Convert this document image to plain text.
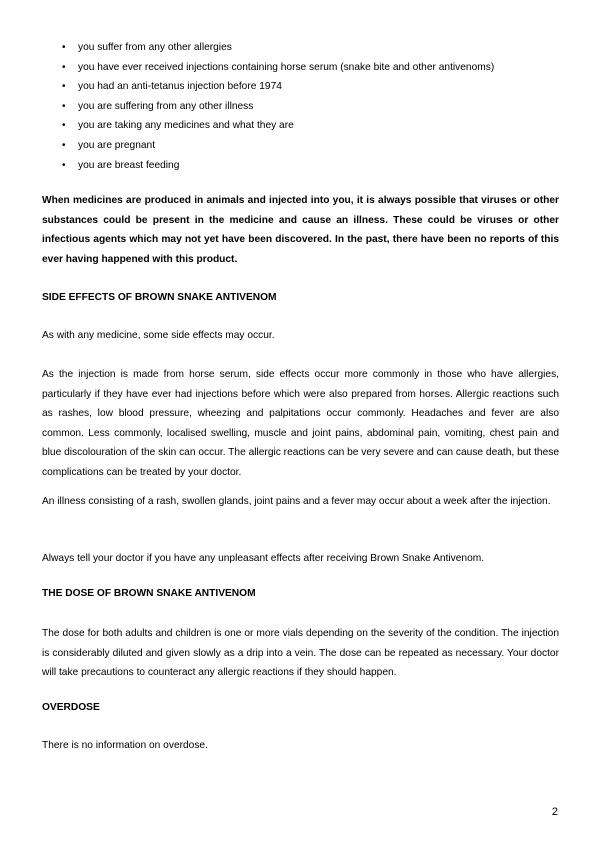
• you suffer from any other allergies
• you have ever received injections containing horse serum (snake bite and other antivenoms)
• you had an anti-tetanus injection before 1974
• you are suffering from any other illness
• you are taking any medicines and what they are
• you are pregnant
• you are breast feeding

When medicines are produced in animals and injected into you, it is always possible that viruses or other substances could be present in the medicine and cause an illness. These could be viruses or other infectious agents which may not yet have been discovered. In the past, there have been no reports of this ever having happened with this product.

SIDE EFFECTS OF BROWN SNAKE ANTIVENOM

As with any medicine, some side effects may occur.

As the injection is made from horse serum, side effects occur more commonly in those who have allergies, particularly if they have ever had injections before which were also prepared from horses. Allergic reactions such as rashes, low blood pressure, wheezing and palpitations occur commonly. Headaches and fever are also common. Less commonly, localised swelling, muscle and joint pains, abdominal pain, vomiting, chest pain and blue discolouration of the skin can occur. The allergic reactions can be very severe and can cause death, but these complications can be treated by your doctor.

An illness consisting of a rash, swollen glands, joint pains and a fever may occur about a week after the injection.

Always tell your doctor if you have any unpleasant effects after receiving Brown Snake Antivenom.

THE DOSE OF BROWN SNAKE ANTIVENOM

The dose for both adults and children is one or more vials depending on the severity of the condition. The injection is considerably diluted and given slowly as a drip into a vein. The dose can be repeated as necessary. Your doctor will take precautions to counteract any allergic reactions if they should happen.

OVERDOSE

There is no information on overdose.

2
